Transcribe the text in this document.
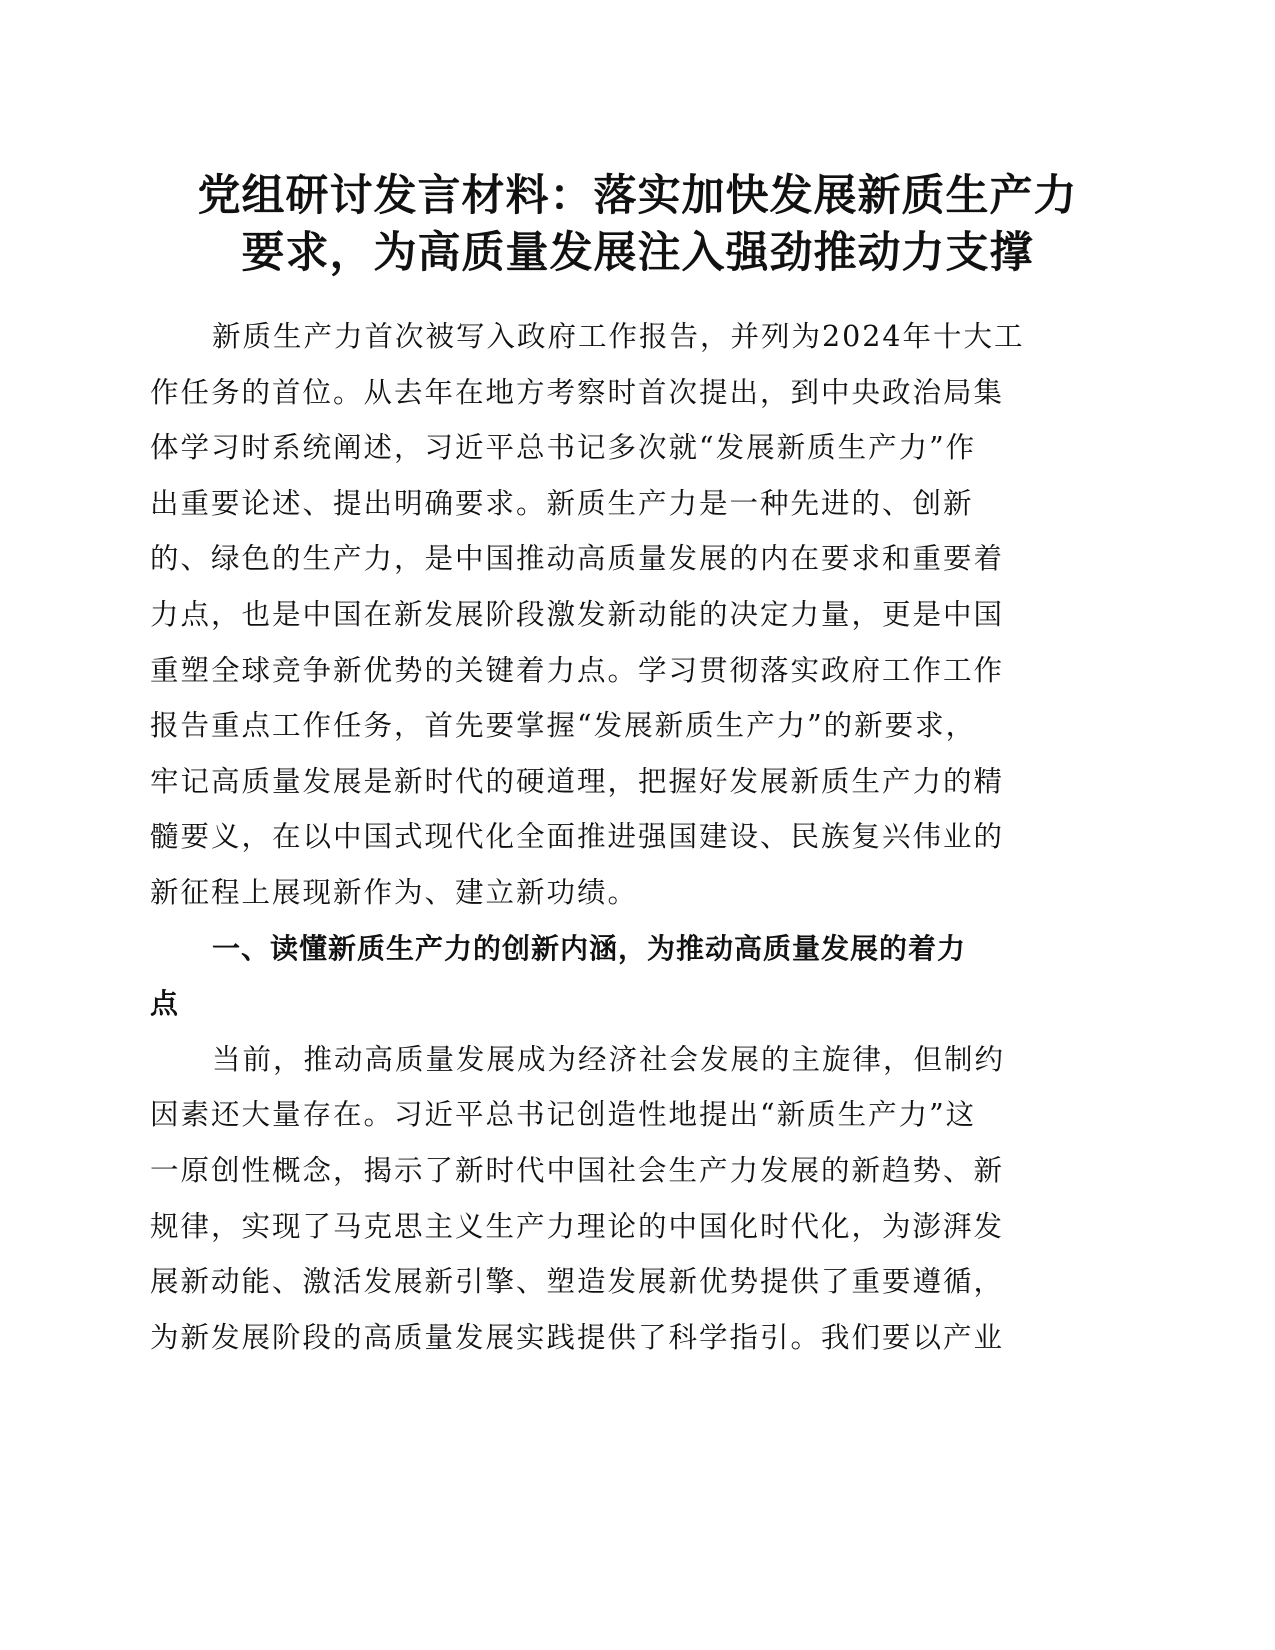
党组研讨发言材料：落实加快发展新质生产力
要求，为高质量发展注入强劲推动力支撑
新质生产力首次被写入政府工作报告，并列为2024年十大工
作任务的首位。从去年在地方考察时首次提出，到中央政治局集
体学习时系统阐述，习近平总书记多次就“发展新质生产力”作
出重要论述、提出明确要求。新质生产力是一种先进的、创新
的、绿色的生产力，是中国推动高质量发展的内在要求和重要着
力点，也是中国在新发展阶段激发新动能的决定力量，更是中国
重塑全球竞争新优势的关键着力点。学习贯彻落实政府工作工作
报告重点工作任务，首先要掌握“发展新质生产力”的新要求，
牢记高质量发展是新时代的硬道理，把握好发展新质生产力的精
髓要义，在以中国式现代化全面推进强国建设、民族复兴伟业的
新征程上展现新作为、建立新功绩。
一、读懂新质生产力的创新内涵，为推动高质量发展的着力
点
当前，推动高质量发展成为经济社会发展的主旋律，但制约
因素还大量存在。习近平总书记创造性地提出“新质生产力”这
一原创性概念，揭示了新时代中国社会生产力发展的新趋势、新
规律，实现了马克思主义生产力理论的中国化时代化，为澎湃发
展新动能、激活发展新引擎、塑造发展新优势提供了重要遵循，
为新发展阶段的高质量发展实践提供了科学指引。我们要以产业
